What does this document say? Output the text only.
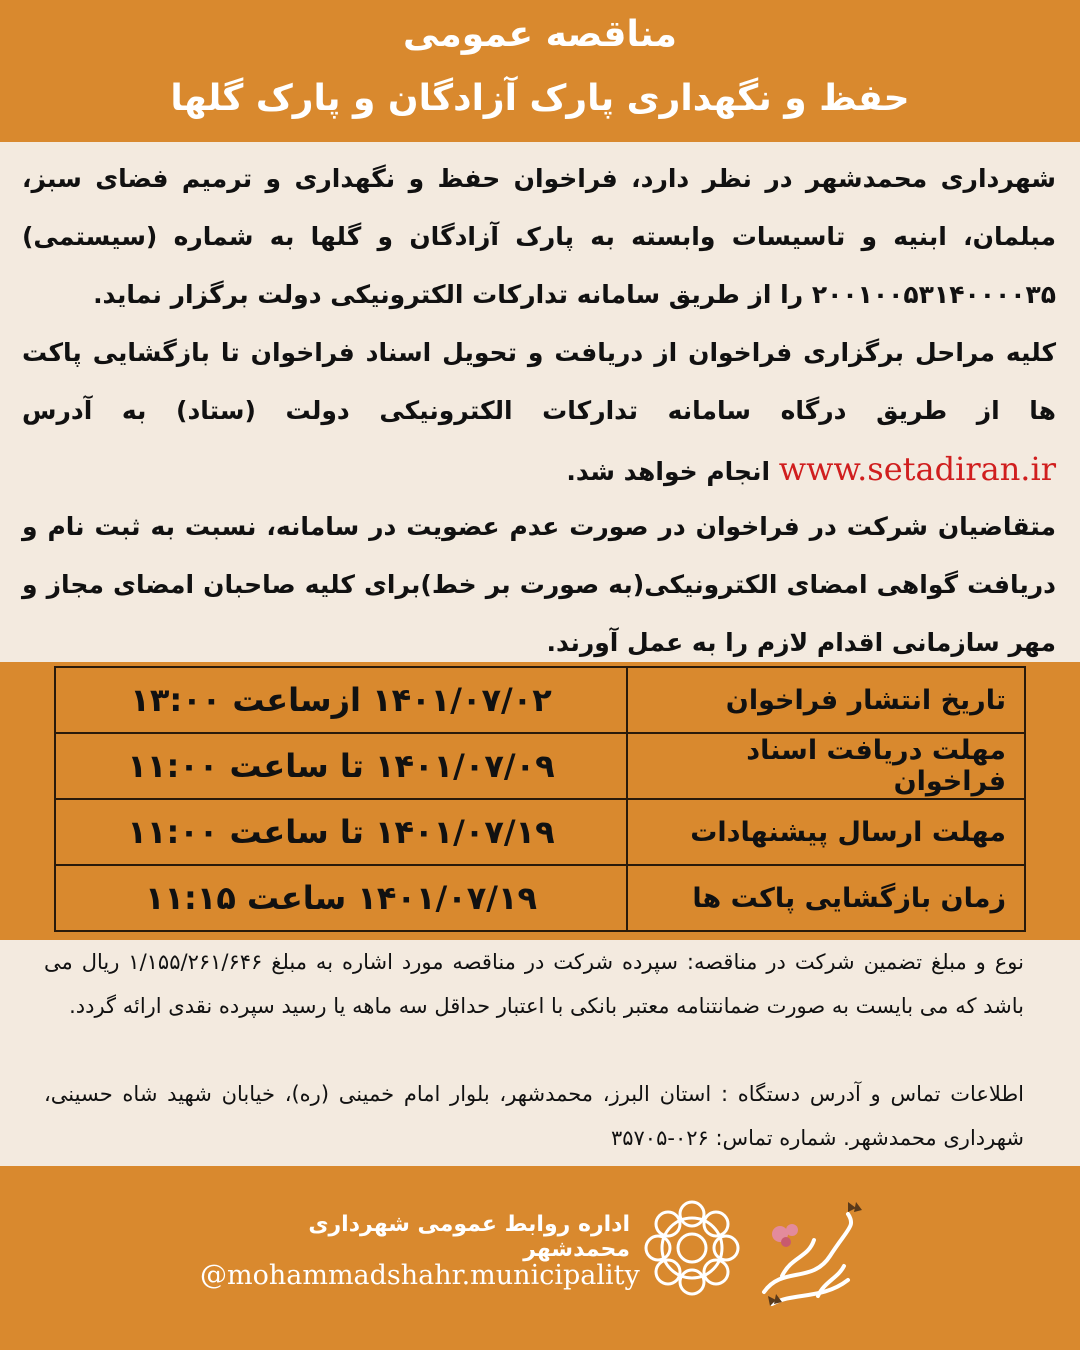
مناقصه عمومی
حفظ و نگهداری پارک آزادگان و پارک گلها
شهرداری محمدشهر در نظر دارد، فراخوان حفظ و نگهداری و ترمیم فضای سبز، مبلمان، ابنیه و تاسیسات وابسته به پارک آزادگان و گلها به شماره (سیستمی) ۲۰۰۱۰۰۵۳۱۴۰۰۰۰۳۵ را از طریق سامانه تدارکات الکترونیکی دولت برگزار نماید.
کلیه مراحل برگزاری فراخوان از دریافت و تحویل اسناد فراخوان تا بازگشایی پاکت ها از طریق درگاه سامانه تدارکات الکترونیکی دولت (ستاد) به آدرس www.setadiran.ir انجام خواهد شد.
متقاضیان شرکت در فراخوان در صورت عدم عضویت در سامانه، نسبت به ثبت نام و دریافت گواهی امضای الکترونیکی(به صورت بر خط)برای کلیه صاحبان امضای مجاز و مهر سازمانی اقدام لازم را به عمل آورند.
تاریخ انتشار فراخوان	۱۴۰۱/۰۷/۰۲ ازساعت ۱۳:۰۰
مهلت دریافت اسناد فراخوان	۱۴۰۱/۰۷/۰۹ تا ساعت ۱۱:۰۰
مهلت ارسال پیشنهادات	۱۴۰۱/۰۷/۱۹ تا ساعت ۱۱:۰۰
زمان بازگشایی پاکت ها	۱۴۰۱/۰۷/۱۹ ساعت ۱۱:۱۵
نوع و مبلغ تضمین شرکت در مناقصه: سپرده شرکت در مناقصه مورد اشاره به مبلغ ۱/۱۵۵/۲۶۱/۶۴۶ ریال می باشد که می بایست به صورت ضمانتنامه معتبر بانکی با اعتبار حداقل سه ماهه یا رسید سپرده نقدی ارائه گردد.
اطلاعات تماس و آدرس دستگاه : استان البرز، محمدشهر، بلوار امام خمینی (ره)، خیابان شهید شاه حسینی، شهرداری محمدشهر. شماره تماس: ۰۲۶-۳۵۷۰۵
اداره روابط عمومی شهرداری محمدشهر
@mohammadshahr.municipality
